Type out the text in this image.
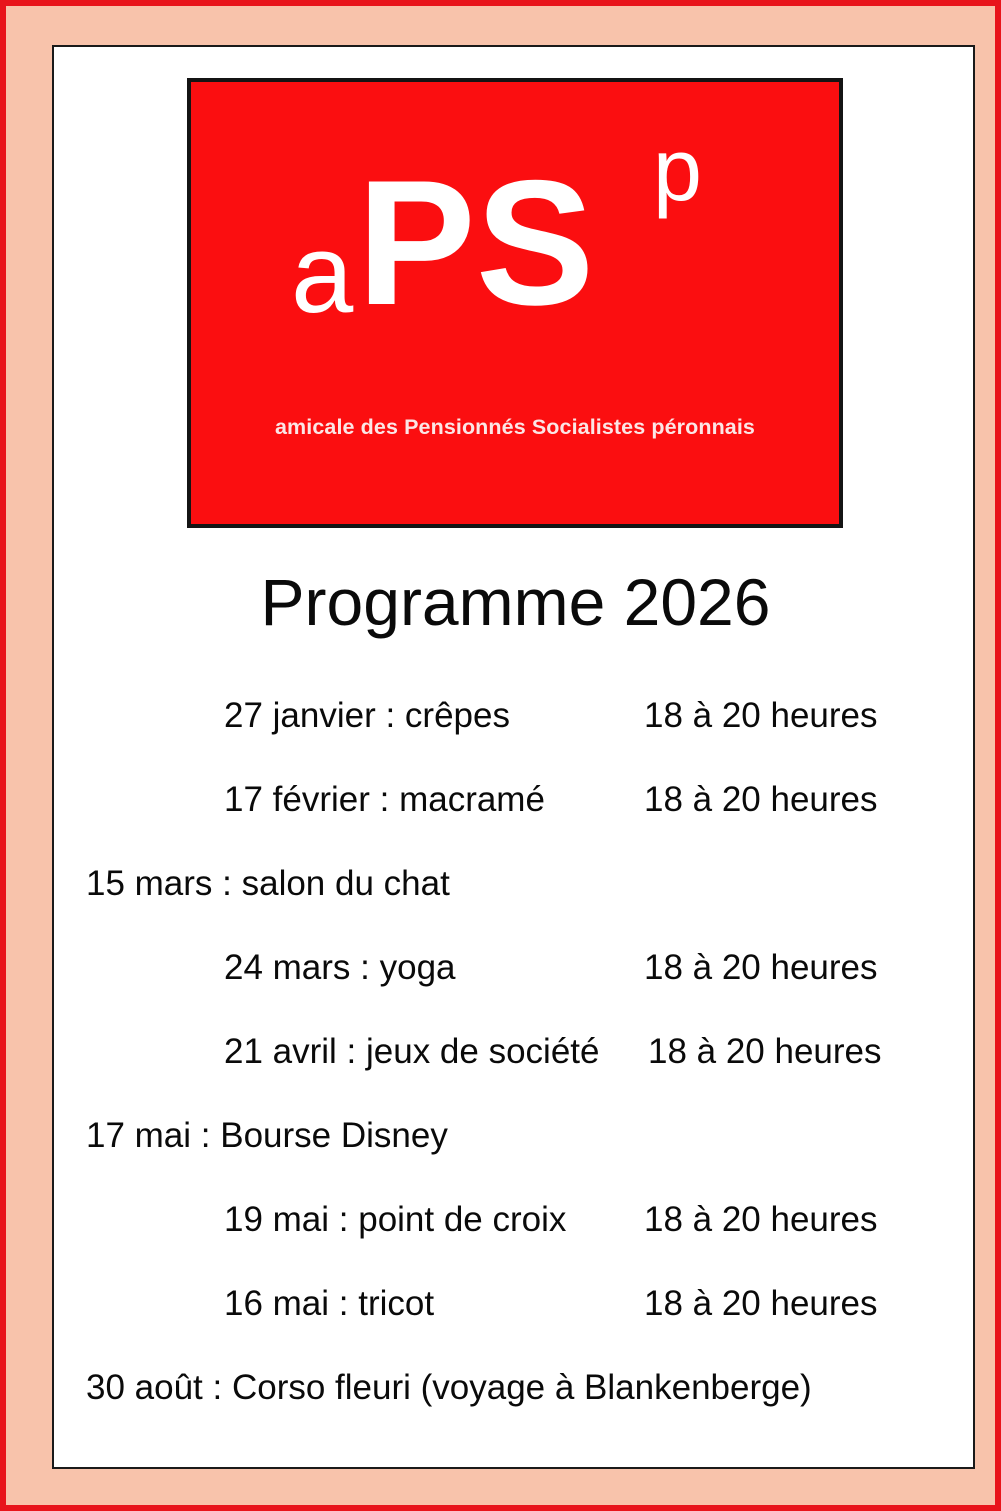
a PS p
amicale des Pensionnés Socialistes péronnais
Programme 2026
27 janvier : crêpes	18 à 20 heures
17 février : macramé	18 à 20 heures
15 mars : salon du chat
24 mars : yoga	18 à 20 heures
21 avril : jeux de société 18 à 20 heures
17 mai : Bourse Disney
19 mai : point de croix 18 à 20 heures
16 mai : tricot	18 à 20 heures
30 août : Corso fleuri (voyage à Blankenberge)
